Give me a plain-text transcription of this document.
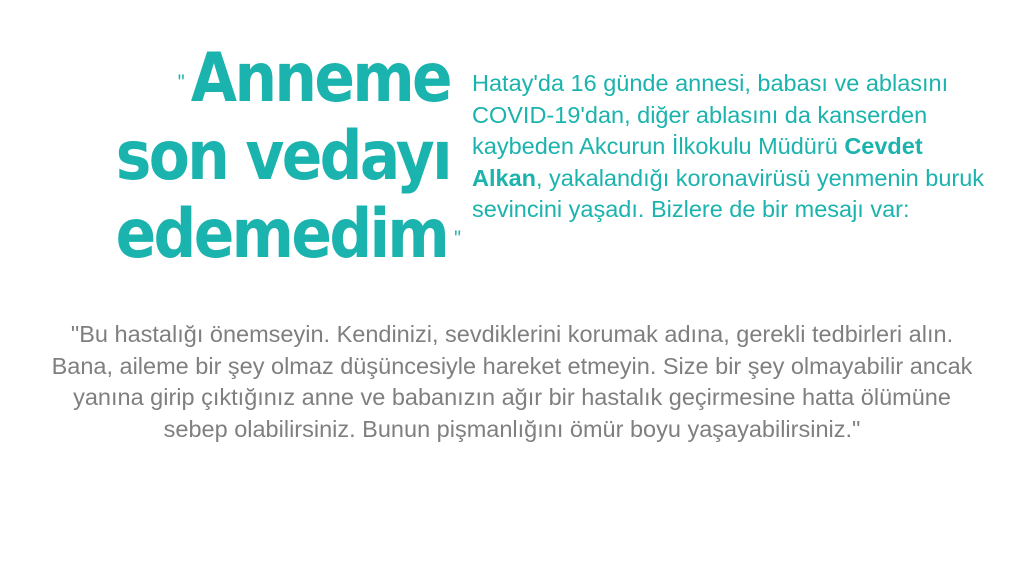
"Anneme
son vedayı
edemedim "
Hatay'da 16 günde annesi, babası ve ablasını COVID-19'dan, diğer ablasını da kanserden kaybeden Akcurun İlkokulu Müdürü Cevdet Alkan, yakalandığı koronavirüsü yenmenin buruk sevincini yaşadı. Bizlere de bir mesajı var:
"Bu hastalığı önemseyin. Kendinizi, sevdiklerini korumak adına, gerekli tedbirleri alın. Bana, aileme bir şey olmaz düşüncesiyle hareket etmeyin. Size bir şey olmayabilir ancak yanına girip çıktığınız anne ve babanızın ağır bir hastalık geçirmesine hatta ölümüne sebep olabilirsiniz. Bunun pişmanlığını ömür boyu yaşayabilirsiniz."
